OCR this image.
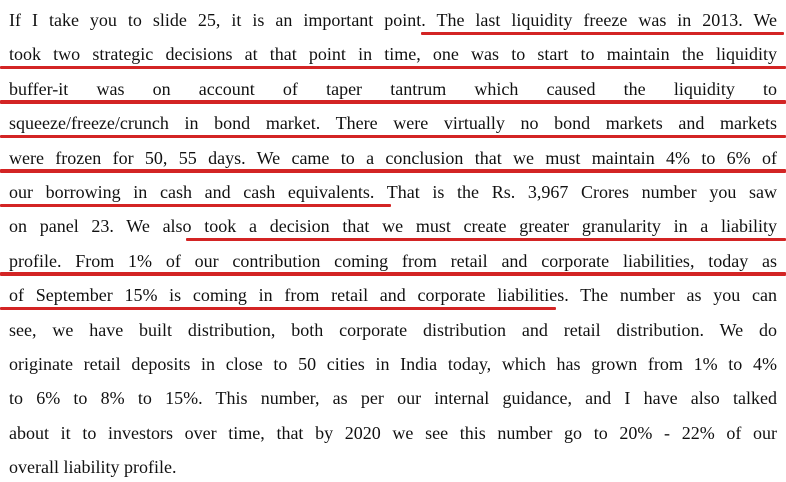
If I take you to slide 25, it is an important point. The last liquidity freeze was in 2013. We
took two strategic decisions at that point in time, one was to start to maintain the liquidity
buffer-it was on account of taper tantrum which caused the liquidity to
squeeze/freeze/crunch in bond market. There were virtually no bond markets and markets
were frozen for 50, 55 days. We came to a conclusion that we must maintain 4% to 6% of
our borrowing in cash and cash equivalents. That is the Rs. 3,967 Crores number you saw
on panel 23. We also took a decision that we must create greater granularity in a liability
profile. From 1% of our contribution coming from retail and corporate liabilities, today as
of September 15% is coming in from retail and corporate liabilities. The number as you can
see, we have built distribution, both corporate distribution and retail distribution. We do
originate retail deposits in close to 50 cities in India today, which has grown from 1% to 4%
to 6% to 8% to 15%. This number, as per our internal guidance, and I have also talked
about it to investors over time, that by 2020 we see this number go to 20% - 22% of our
overall liability profile.
